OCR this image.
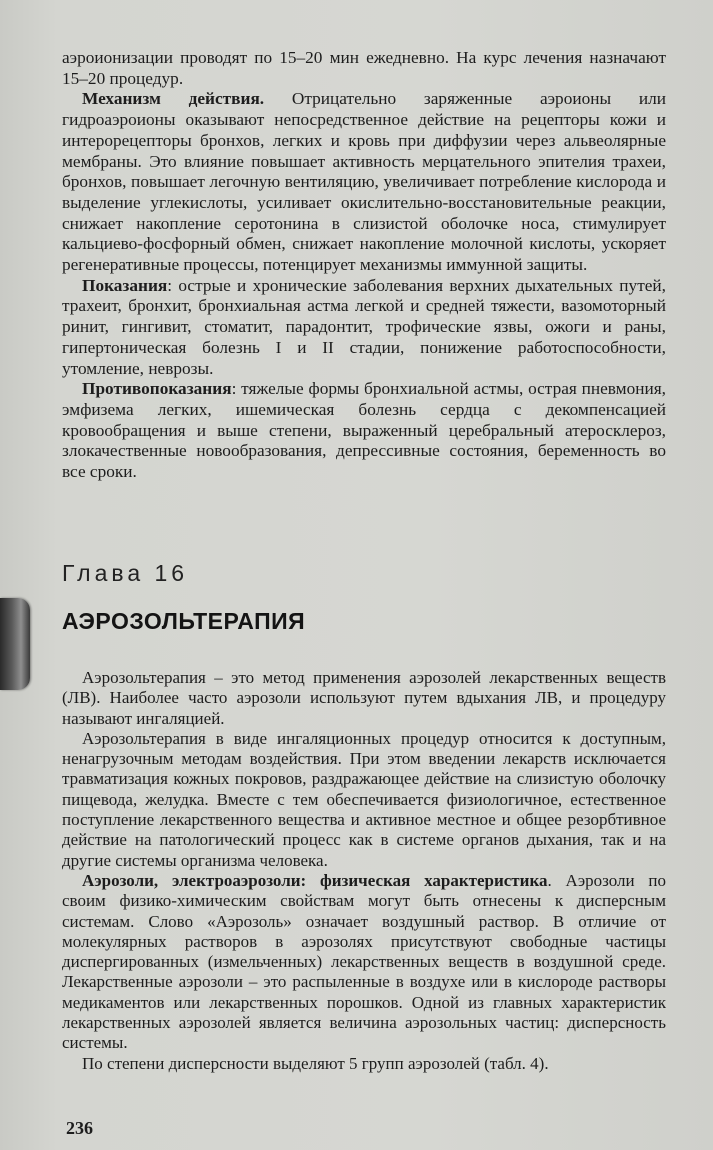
аэроионизации проводят по 15–20 мин ежедневно. На курс лечения назначают 15–20 процедур.

Механизм действия. Отрицательно заряженные аэроионы или гидроаэроионы оказывают непосредственное действие на рецепторы кожи и интерорецепторы бронхов, легких и кровь при диффузии через альвеолярные мембраны. Это влияние повышает активность мерцательного эпителия трахеи, бронхов, повышает легочную вентиляцию, увеличивает потребление кислорода и выделение углекислоты, усиливает окислительно-восстановительные реакции, снижает накопление серотонина в слизистой оболочке носа, стимулирует кальциево-фосфорный обмен, снижает накопление молочной кислоты, ускоряет регенеративные процессы, потенцирует механизмы иммунной защиты.

Показания: острые и хронические заболевания верхних дыхательных путей, трахеит, бронхит, бронхиальная астма легкой и средней тяжести, вазомоторный ринит, гингивит, стоматит, парадонтит, трофические язвы, ожоги и раны, гипертоническая болезнь I и II стадии, понижение работоспособности, утомление, неврозы.

Противопоказания: тяжелые формы бронхиальной астмы, острая пневмония, эмфизема легких, ишемическая болезнь сердца с декомпенсацией кровообращения и выше степени, выраженный церебральный атеросклероз, злокачественные новообразования, депрессивные состояния, беременность во все сроки.

Глава 16
АЭРОЗОЛЬТЕРАПИЯ

Аэрозольтерапия – это метод применения аэрозолей лекарственных веществ (ЛВ). Наиболее часто аэрозоли используют путем вдыхания ЛВ, и процедуру называют ингаляцией.

Аэрозольтерапия в виде ингаляционных процедур относится к доступным, ненагрузочным методам воздействия. При этом введении лекарств исключается травматизация кожных покровов, раздражающее действие на слизистую оболочку пищевода, желудка. Вместе с тем обеспечивается физиологичное, естественное поступление лекарственного вещества и активное местное и общее резорбтивное действие на патологический процесс как в системе органов дыхания, так и на другие системы организма человека.

Аэрозоли, электроаэрозоли: физическая характеристика. Аэрозоли по своим физико-химическим свойствам могут быть отнесены к дисперсным системам. Слово «Аэрозоль» означает воздушный раствор. В отличие от молекулярных растворов в аэрозолях присутствуют свободные частицы диспергированных (измельченных) лекарственных веществ в воздушной среде. Лекарственные аэрозоли – это распыленные в воздухе или в кислороде растворы медикаментов или лекарственных порошков. Одной из главных характеристик лекарственных аэрозолей является величина аэрозольных частиц: дисперсность системы.

По степени дисперсности выделяют 5 групп аэрозолей (табл. 4).

236
